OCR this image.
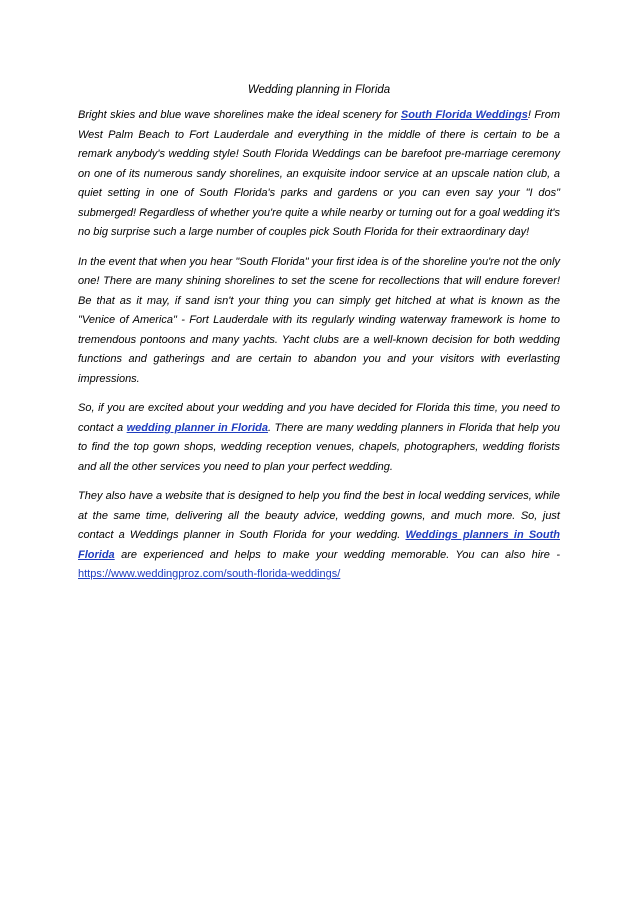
Wedding planning in Florida

Bright skies and blue wave shorelines make the ideal scenery for South Florida Weddings! From West Palm Beach to Fort Lauderdale and everything in the middle of there is certain to be a remark anybody's wedding style! South Florida Weddings can be barefoot pre-marriage ceremony on one of its numerous sandy shorelines, an exquisite indoor service at an upscale nation club, a quiet setting in one of South Florida's parks and gardens or you can even say your "I dos" submerged! Regardless of whether you're quite a while nearby or turning out for a goal wedding it's no big surprise such a large number of couples pick South Florida for their extraordinary day!

In the event that when you hear "South Florida" your first idea is of the shoreline you're not the only one! There are many shining shorelines to set the scene for recollections that will endure forever! Be that as it may, if sand isn't your thing you can simply get hitched at what is known as the "Venice of America" - Fort Lauderdale with its regularly winding waterway framework is home to tremendous pontoons and many yachts. Yacht clubs are a well-known decision for both wedding functions and gatherings and are certain to abandon you and your visitors with everlasting impressions.

So, if you are excited about your wedding and you have decided for Florida this time, you need to contact a wedding planner in Florida. There are many wedding planners in Florida that help you to find the top gown shops, wedding reception venues, chapels, photographers, wedding florists and all the other services you need to plan your perfect wedding.

They also have a website that is designed to help you find the best in local wedding services, while at the same time, delivering all the beauty advice, wedding gowns, and much more. So, just contact a Weddings planner in South Florida for your wedding. Weddings planners in South Florida are experienced and helps to make your wedding memorable. You can also hire - https://www.weddingproz.com/south-florida-weddings/
